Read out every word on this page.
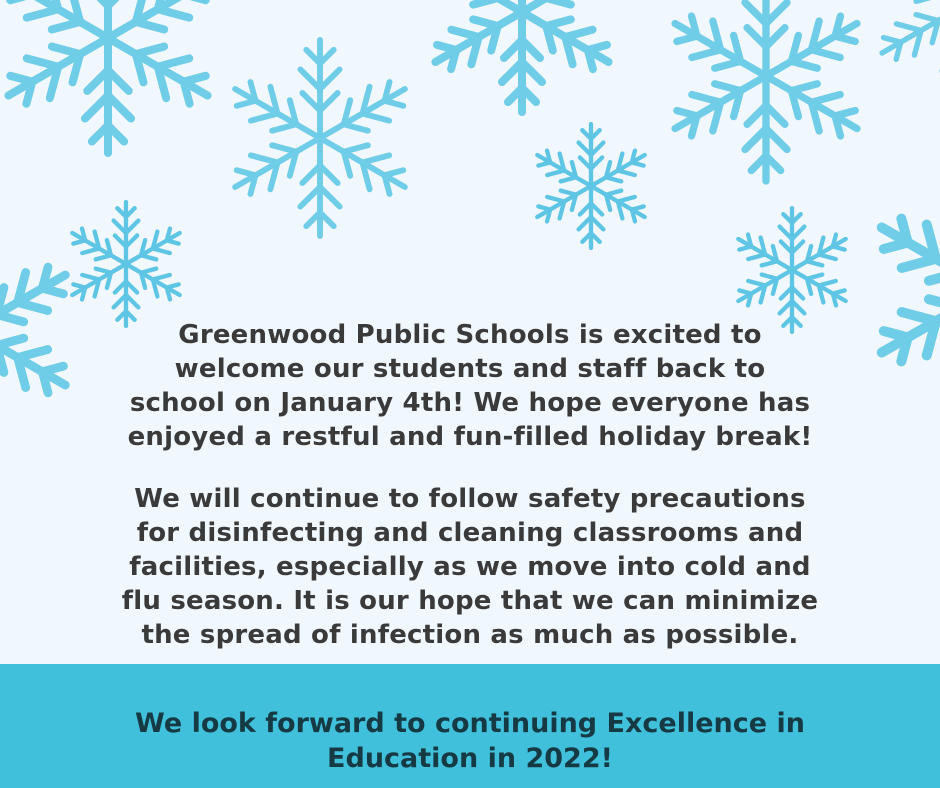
Greenwood Public Schools is excited to
welcome our students and staff back to
school on January 4th! We hope everyone has
enjoyed a restful and fun-filled holiday break!
We will continue to follow safety precautions
for disinfecting and cleaning classrooms and
facilities, especially as we move into cold and
flu season. It is our hope that we can minimize
the spread of infection as much as possible.
We look forward to continuing Excellence in
Education in 2022!
